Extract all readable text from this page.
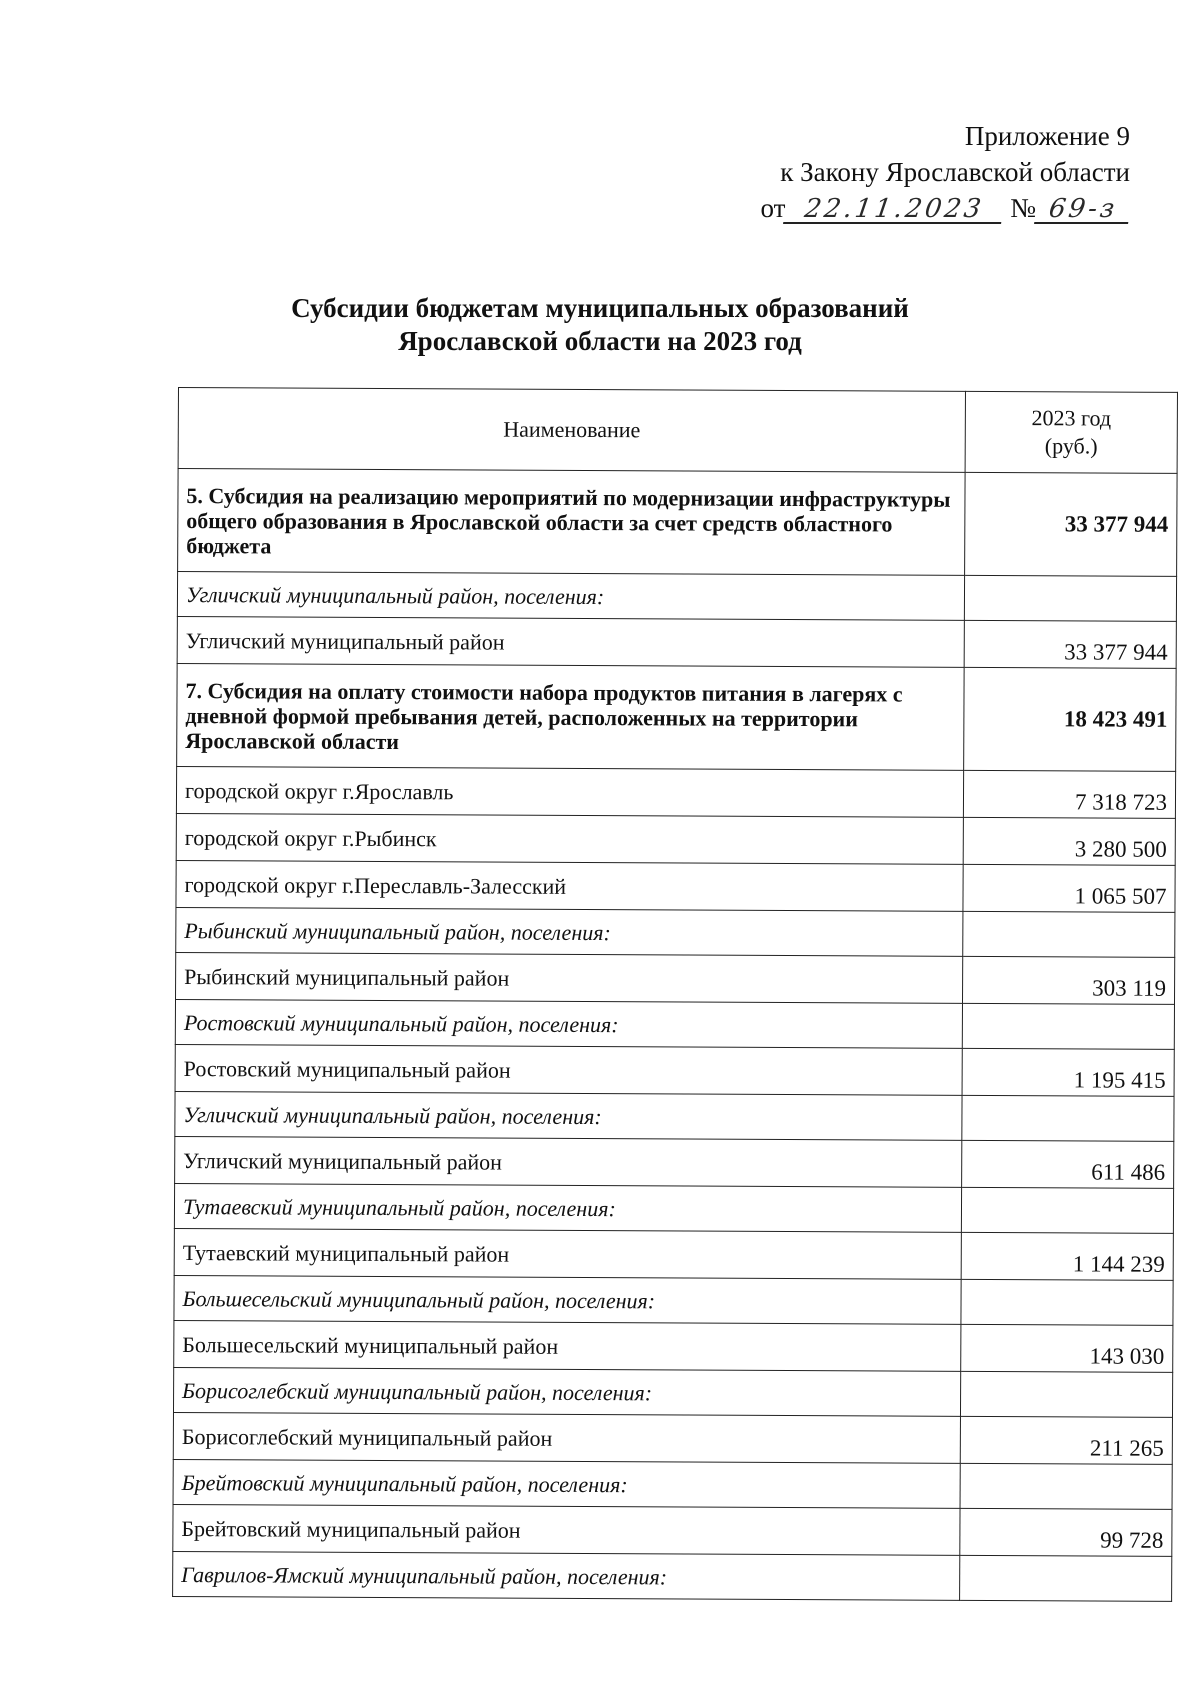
Приложение 9
к Закону Ярославской области
от 22.11.2023 № 69-з
Субсидии бюджетам муниципальных образований
Ярославской области на 2023 год
Наименование	2023 год
(руб.)

5. Субсидия на реализацию мероприятий по модернизации инфраструктуры общего образования в Ярославской области за счет средств областного бюджета	33 377 944
Угличский муниципальный район, поселения:	
Угличский муниципальный район	33 377 944
7. Субсидия на оплату стоимости набора продуктов питания в лагерях с дневной формой пребывания детей, расположенных на территории Ярославской области	18 423 491
городской округ г.Ярославль	7 318 723
городской округ г.Рыбинск	3 280 500
городской округ г.Переславль-Залесский	1 065 507
Рыбинский муниципальный район, поселения:	
Рыбинский муниципальный район	303 119
Ростовский муниципальный район, поселения:	
Ростовский муниципальный район	1 195 415
Угличский муниципальный район, поселения:	
Угличский муниципальный район	611 486
Тутаевский муниципальный район, поселения:	
Тутаевский муниципальный район	1 144 239
Большесельский муниципальный район, поселения:	
Большесельский муниципальный район	143 030
Борисоглебский муниципальный район, поселения:	
Борисоглебский муниципальный район	211 265
Брейтовский муниципальный район, поселения:	
Брейтовский муниципальный район	99 728
Гаврилов-Ямский муниципальный район, поселения:	
